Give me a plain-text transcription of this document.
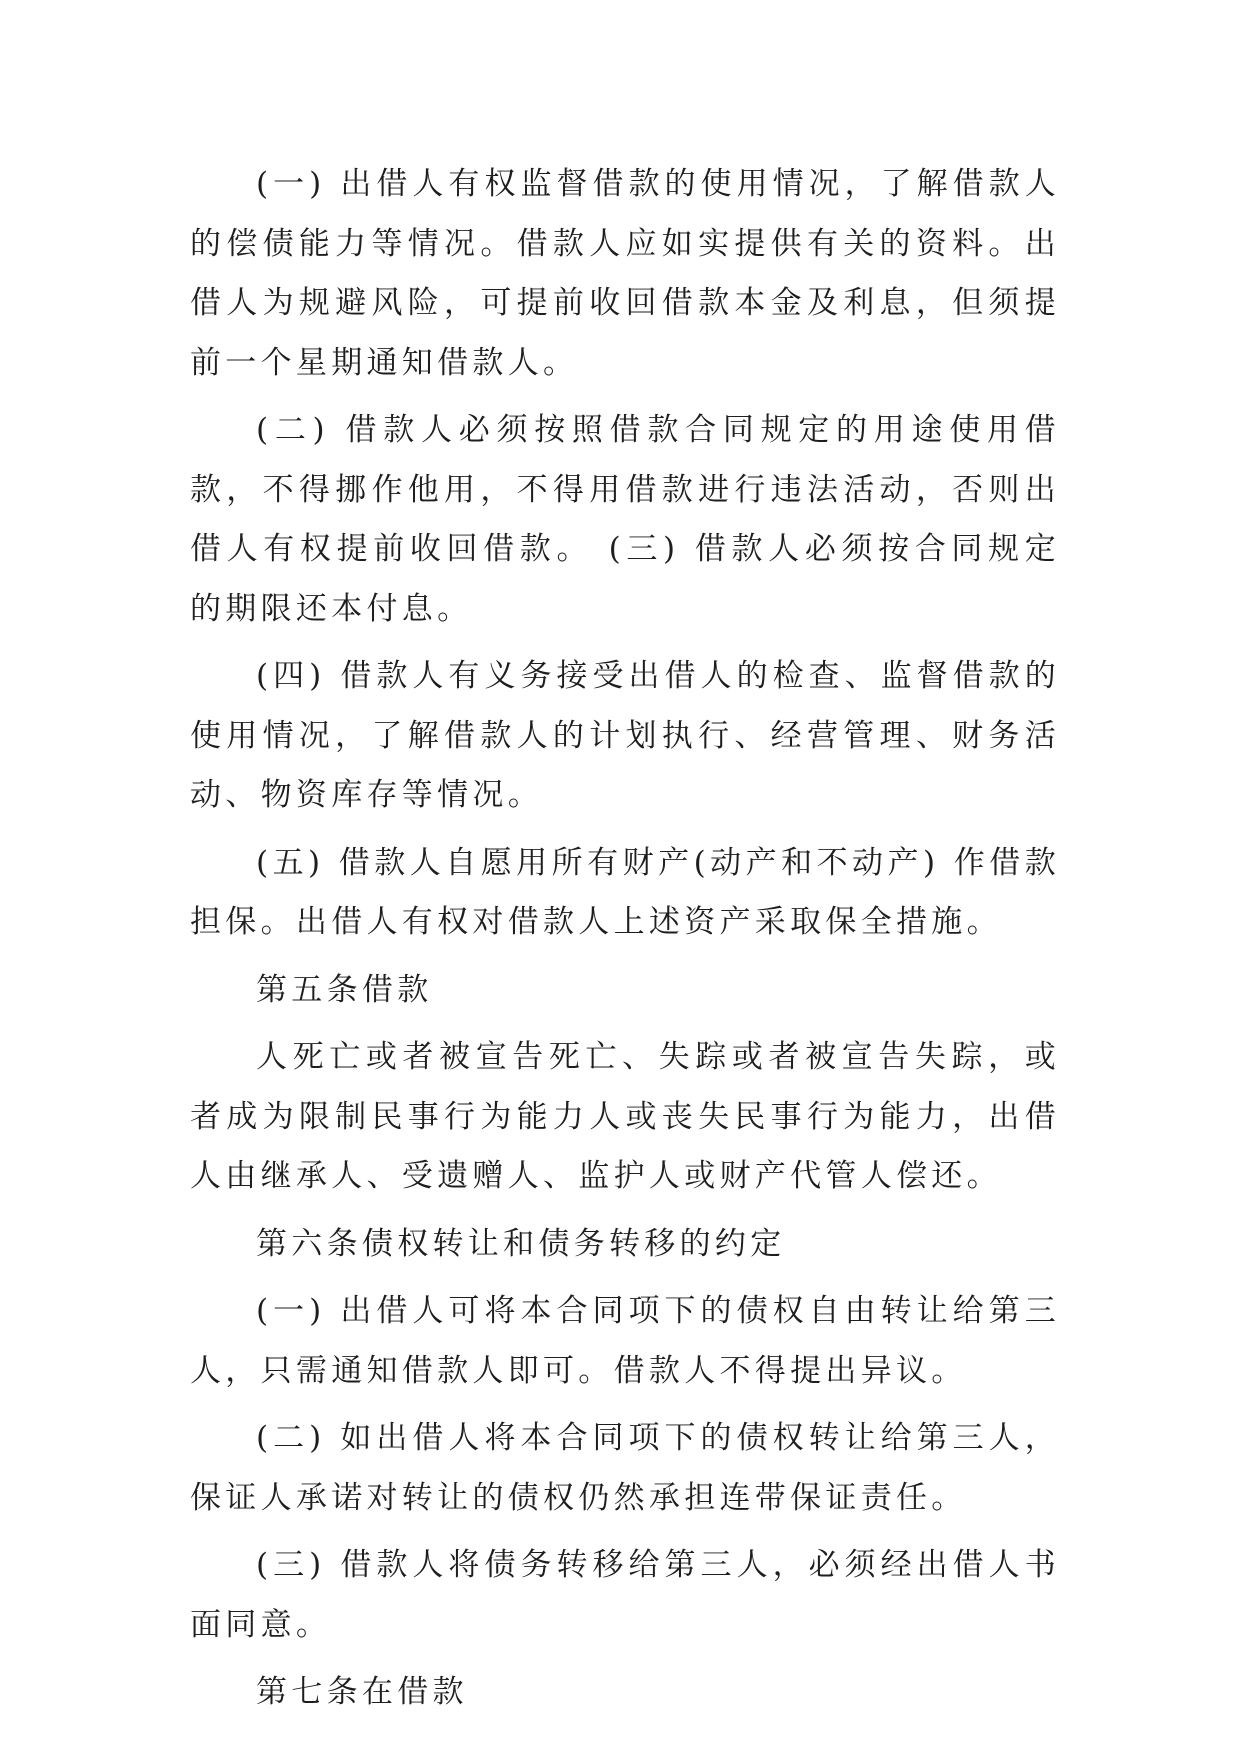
(一) 出借人有权监督借款的使用情况，了解借款人的偿债能力等情况。借款人应如实提供有关的资料。出借人为规避风险，可提前收回借款本金及利息，但须提前一个星期通知借款人。

(二) 借款人必须按照借款合同规定的用途使用借款，不得挪作他用，不得用借款进行违法活动，否则出借人有权提前收回借款。 (三) 借款人必须按合同规定的期限还本付息。

(四) 借款人有义务接受出借人的检查、监督借款的使用情况，了解借款人的计划执行、经营管理、财务活动、物资库存等情况。

(五) 借款人自愿用所有财产(动产和不动产) 作借款担保。出借人有权对借款人上述资产采取保全措施。

第五条借款

人死亡或者被宣告死亡、失踪或者被宣告失踪，或者成为限制民事行为能力人或丧失民事行为能力，出借人由继承人、受遗赠人、监护人或财产代管人偿还。

第六条债权转让和债务转移的约定

(一) 出借人可将本合同项下的债权自由转让给第三人，只需通知借款人即可。借款人不得提出异议。

(二) 如出借人将本合同项下的债权转让给第三人，保证人承诺对转让的债权仍然承担连带保证责任。

(三) 借款人将债务转移给第三人，必须经出借人书面同意。

第七条在借款
